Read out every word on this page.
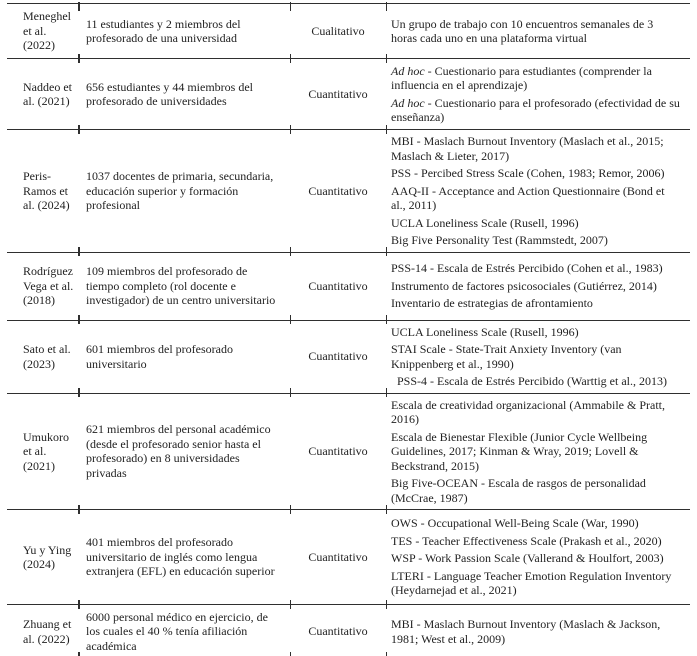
Meneghel et al. (2022)
11 estudiantes y 2 miembros del profesorado de una universidad
Cualitativo

Un grupo de trabajo con 10 encuentros semanales de 3 horas cada uno en una plataforma virtual

Naddeo et al. (2021)
656 estudiantes y 44 miembros del profesorado de universidades
Cuantitativo

Ad hoc - Cuestionario para estudiantes (comprender la influencia en el aprendizaje)

Ad hoc - Cuestionario para el profesorado (efectividad de su enseñanza)

Peris-Ramos et al. (2024)
1037 docentes de primaria, secundaria, educación superior y formación profesional
Cuantitativo

MBI - Maslach Burnout Inventory (Maslach et al., 2015; Maslach & Lieter, 2017)

PSS - Percibed Stress Scale (Cohen, 1983; Remor, 2006)

AAQ-II - Acceptance and Action Questionnaire (Bond et al., 2011)

UCLA Loneliness Scale (Rusell, 1996)

Big Five Personality Test (Rammstedt, 2007)

Rodríguez Vega et al. (2018)
109 miembros del profesorado de tiempo completo (rol docente e investigador) de un centro universitario
Cuantitativo

PSS-14 - Escala de Estrés Percibido (Cohen et al., 1983)

Instrumento de factores psicosociales (Gutiérrez, 2014)

Inventario de estrategias de afrontamiento

Sato et al. (2023)
601 miembros del profesorado universitario
Cuantitativo

UCLA Loneliness Scale (Rusell, 1996)

STAI Scale - State-Trait Anxiety Inventory (van Knippenberg et al., 1990)

PSS-4 - Escala de Estrés Percibido (Warttig et al., 2013)

Umukoro et al. (2021)
621 miembros del personal académico (desde el profesorado senior hasta el profesorado) en 8 universidades privadas
Cuantitativo

Escala de creatividad organizacional (Ammabile & Pratt, 2016)

Escala de Bienestar Flexible (Junior Cycle Wellbeing Guidelines, 2017; Kinman & Wray, 2019; Lovell & Beckstrand, 2015)

Big Five-OCEAN - Escala de rasgos de personalidad (McCrae, 1987)

Yu y Ying (2024)
401 miembros del profesorado universitario de inglés como lengua extranjera (EFL) en educación superior
Cuantitativo

OWS - Occupational Well-Being Scale (War, 1990)

TES - Teacher Effectiveness Scale (Prakash et al., 2020)

WSP - Work Passion Scale (Vallerand & Houlfort, 2003)

LTERI - Language Teacher Emotion Regulation Inventory (Heydarnejad et al., 2021)

Zhuang et al. (2022)
6000 personal médico en ejercicio, de los cuales el 40 % tenía afiliación académica
Cuantitativo

MBI - Maslach Burnout Inventory (Maslach & Jackson, 1981; West et al., 2009)
